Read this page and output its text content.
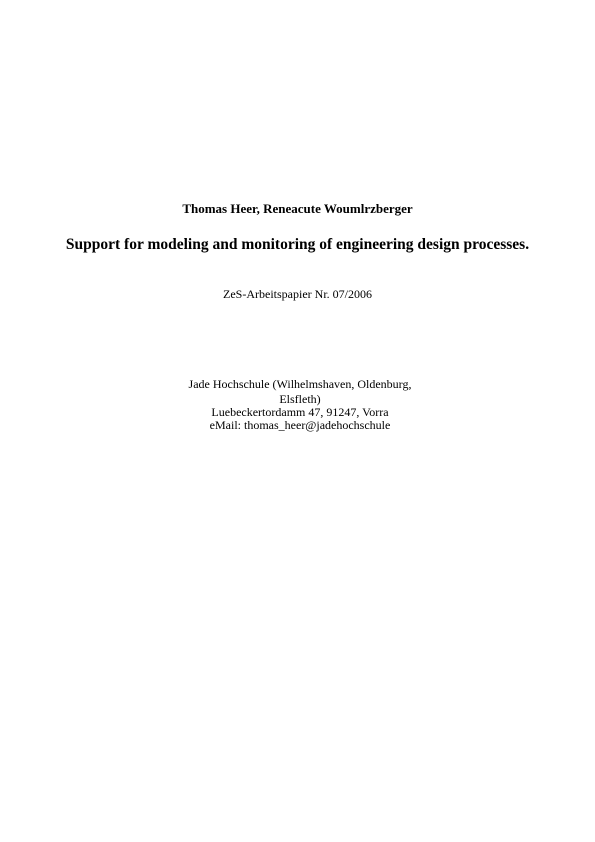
Thomas Heer, Reneacute Woumlrzberger
Support for modeling and monitoring of engineering design processes.
ZeS-Arbeitspapier Nr. 07/2006
Jade Hochschule (Wilhelmshaven, Oldenburg,
Elsfleth)
Luebeckertordamm 47, 91247, Vorra
eMail: thomas_heer@jadehochschule
